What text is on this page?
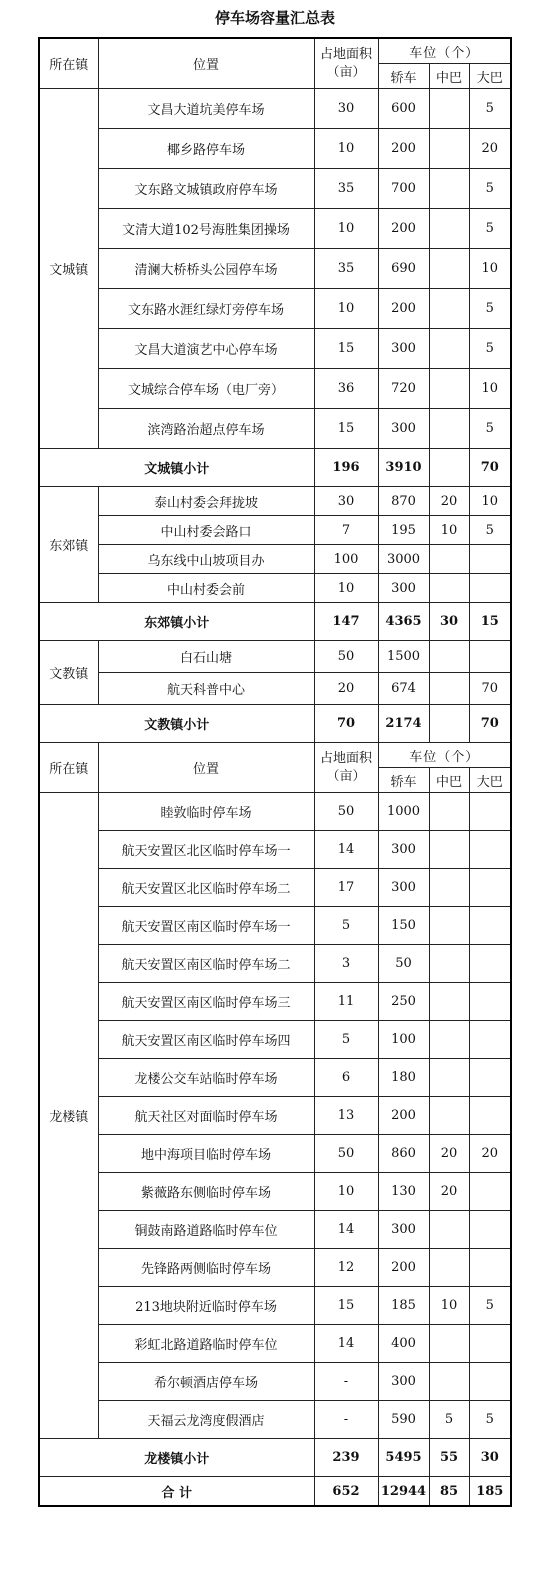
停车场容量汇总表
所在镇	位置	占地面积（亩）	车位（个）		
			轿车	中巴	大巴
文城镇	文昌大道坑美停车场	30	600		5
	椰乡路停车场	10	200		20
	文东路文城镇政府停车场	35	700		5
	文清大道102号海胜集团操场	10	200		5
	清澜大桥桥头公园停车场	35	690		10
	文东路水涯红绿灯旁停车场	10	200		5
	文昌大道演艺中心停车场	15	300		5
	文城综合停车场（电厂旁）	36	720		10
	滨湾路治超点停车场	15	300		5
文城镇小计		196	3910		70
东郊镇	泰山村委会拜拢坡	30	870	20	10
	中山村委会路口	7	195	10	5
	乌东线中山坡项目办	100	3000		
	中山村委会前	10	300		
东郊镇小计		147	4365	30	15
文教镇	白石山塘	50	1500		
	航天科普中心	20	674		70
文教镇小计		70	2174		70
所在镇	位置	占地面积（亩）	车位（个）		
			轿车	中巴	大巴
龙楼镇	睦敦临时停车场	50	1000		
	航天安置区北区临时停车场一	14	300		
	航天安置区北区临时停车场二	17	300		
	航天安置区南区临时停车场一	5	150		
	航天安置区南区临时停车场二	3	50		
	航天安置区南区临时停车场三	11	250		
	航天安置区南区临时停车场四	5	100		
	龙楼公交车站临时停车场	6	180		
	航天社区对面临时停车场	13	200		
	地中海项目临时停车场	50	860	20	20
	紫薇路东侧临时停车场	10	130	20	
	铜鼓南路道路临时停车位	14	300		
	先锋路两侧临时停车场	12	200		
	213地块附近临时停车场	15	185	10	5
	彩虹北路道路临时停车位	14	400		
	希尔顿酒店停车场	-	300		
	天福云龙湾度假酒店	-	590	5	5
龙楼镇小计		239	5495	55	30
合 计		652	12944	85	185
